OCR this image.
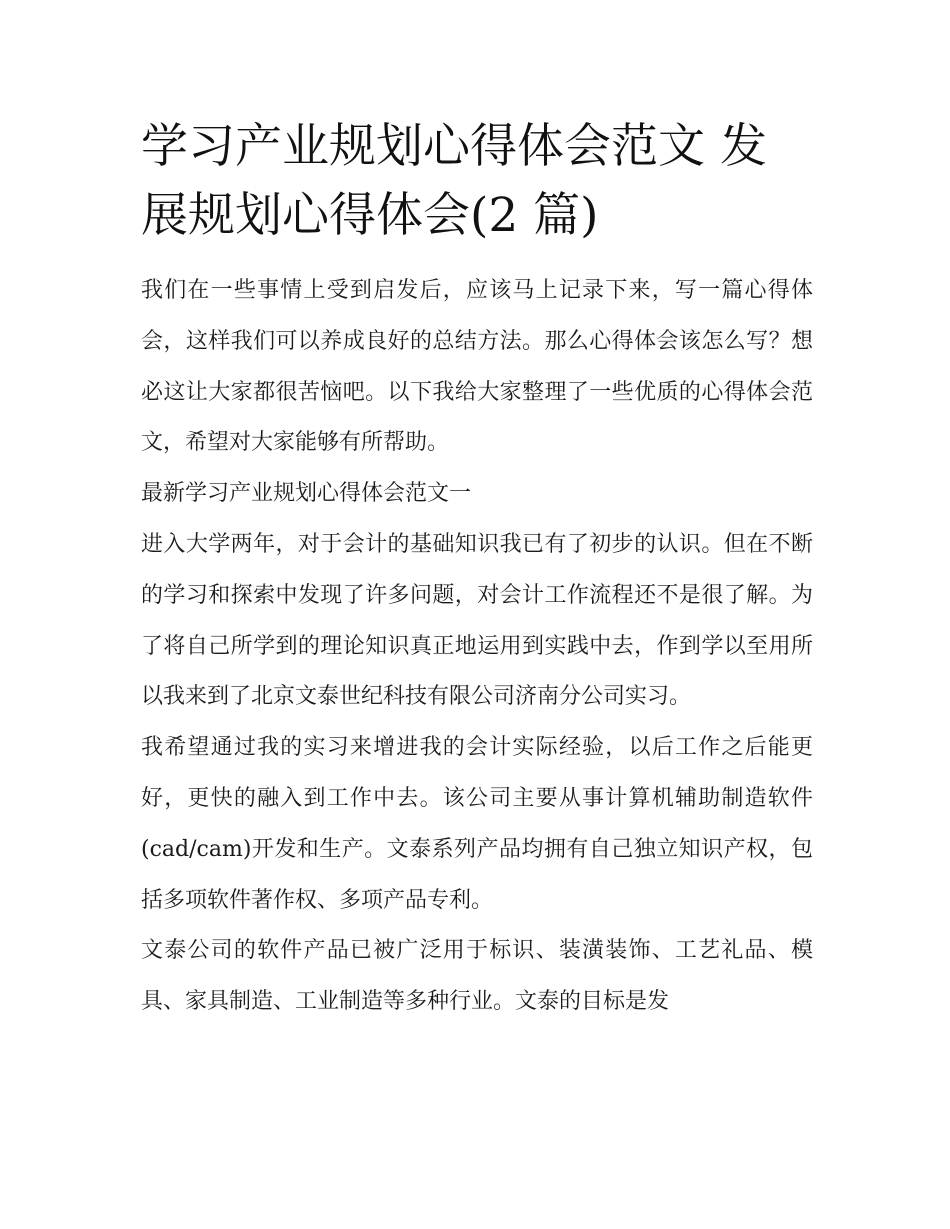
学习产业规划心得体会范文 发展规划心得体会(2 篇)

我们在一些事情上受到启发后，应该马上记录下来，写一篇心得体会，这样我们可以养成良好的总结方法。那么心得体会该怎么写？想必这让大家都很苦恼吧。以下我给大家整理了一些优质的心得体会范文，希望对大家能够有所帮助。

最新学习产业规划心得体会范文一

进入大学两年，对于会计的基础知识我已有了初步的认识。但在不断的学习和探索中发现了许多问题，对会计工作流程还不是很了解。为了将自己所学到的理论知识真正地运用到实践中去，作到学以至用所以我来到了北京文泰世纪科技有限公司济南分公司实习。

我希望通过我的实习来增进我的会计实际经验，以后工作之后能更好，更快的融入到工作中去。该公司主要从事计算机辅助制造软件(cad/cam)开发和生产。文泰系列产品均拥有自己独立知识产权，包括多项软件著作权、多项产品专利。

文泰公司的软件产品已被广泛用于标识、装潢装饰、工艺礼品、模具、家具制造、工业制造等多种行业。文泰的目标是发
